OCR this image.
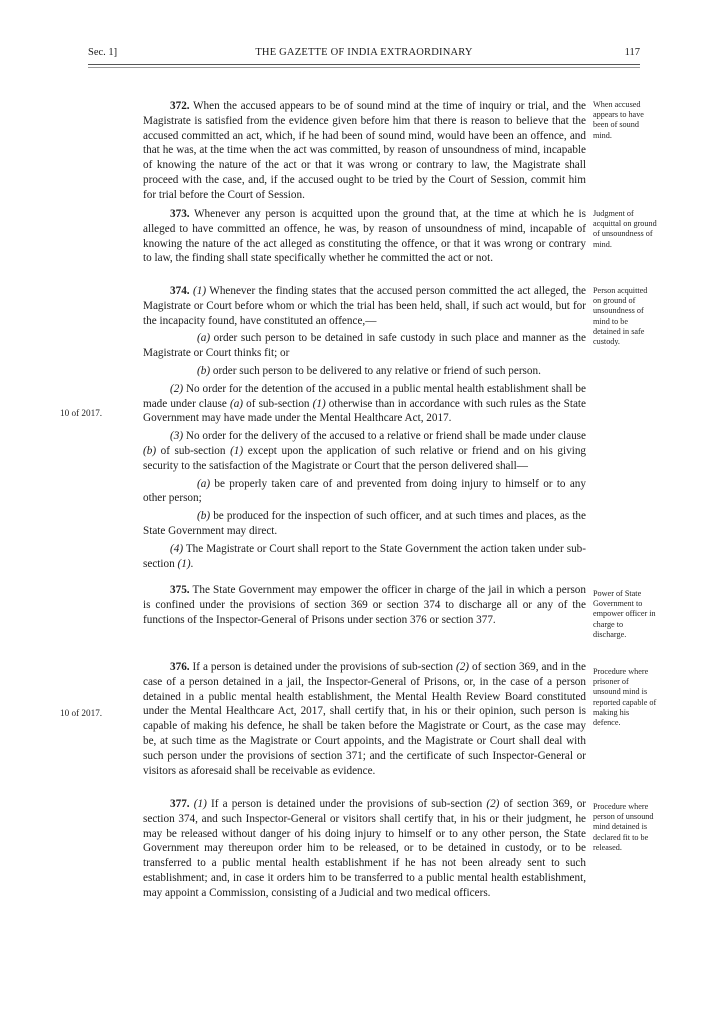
Sec. 1]	THE GAZETTE OF INDIA EXTRAORDINARY	117

372. When the accused appears to be of sound mind at the time of inquiry or trial, and the Magistrate is satisfied from the evidence given before him that there is reason to believe that the accused committed an act, which, if he had been of sound mind, would have been an offence, and that he was, at the time when the act was committed, by reason of unsoundness of mind, incapable of knowing the nature of the act or that it was wrong or contrary to law, the Magistrate shall proceed with the case, and, if the accused ought to be tried by the Court of Session, commit him for trial before the Court of Session.

When accused appears to have been of sound mind.

373. Whenever any person is acquitted upon the ground that, at the time at which he is alleged to have committed an offence, he was, by reason of unsoundness of mind, incapable of knowing the nature of the act alleged as constituting the offence, or that it was wrong or contrary to law, the finding shall state specifically whether he committed the act or not.

Judgment of acquittal on ground of unsoundness of mind.

374. (1) Whenever the finding states that the accused person committed the act alleged, the Magistrate or Court before whom or which the trial has been held, shall, if such act would, but for the incapacity found, have constituted an offence,—

(a) order such person to be detained in safe custody in such place and manner as the Magistrate or Court thinks fit; or

(b) order such person to be delivered to any relative or friend of such person.

(2) No order for the detention of the accused in a public mental health establishment shall be made under clause (a) of sub-section (1) otherwise than in accordance with such rules as the State Government may have made under the Mental Healthcare Act, 2017.

(3) No order for the delivery of the accused to a relative or friend shall be made under clause (b) of sub-section (1) except upon the application of such relative or friend and on his giving security to the satisfaction of the Magistrate or Court that the person delivered shall—

(a) be properly taken care of and prevented from doing injury to himself or to any other person;

(b) be produced for the inspection of such officer, and at such times and places, as the State Government may direct.

(4) The Magistrate or Court shall report to the State Government the action taken under sub-section (1).

Person acquitted on ground of unsoundness of mind to be detained in safe custody.
10 of 2017.

375. The State Government may empower the officer in charge of the jail in which a person is confined under the provisions of section 369 or section 374 to discharge all or any of the functions of the Inspector-General of Prisons under section 376 or section 377.

Power of State Government to empower officer in charge to discharge.

376. If a person is detained under the provisions of sub-section (2) of section 369, and in the case of a person detained in a jail, the Inspector-General of Prisons, or, in the case of a person detained in a public mental health establishment, the Mental Health Review Board constituted under the Mental Healthcare Act, 2017, shall certify that, in his or their opinion, such person is capable of making his defence, he shall be taken before the Magistrate or Court, as the case may be, at such time as the Magistrate or Court appoints, and the Magistrate or Court shall deal with such person under the provisions of section 371; and the certificate of such Inspector-General or visitors as aforesaid shall be receivable as evidence.

Procedure where prisoner of unsound mind is reported capable of making his defence.
10 of 2017.

377. (1) If a person is detained under the provisions of sub-section (2) of section 369, or section 374, and such Inspector-General or visitors shall certify that, in his or their judgment, he may be released without danger of his doing injury to himself or to any other person, the State Government may thereupon order him to be released, or to be detained in custody, or to be transferred to a public mental health establishment if he has not been already sent to such establishment; and, in case it orders him to be transferred to a public mental health establishment, may appoint a Commission, consisting of a Judicial and two medical officers.

Procedure where person of unsound mind detained is declared fit to be released.
